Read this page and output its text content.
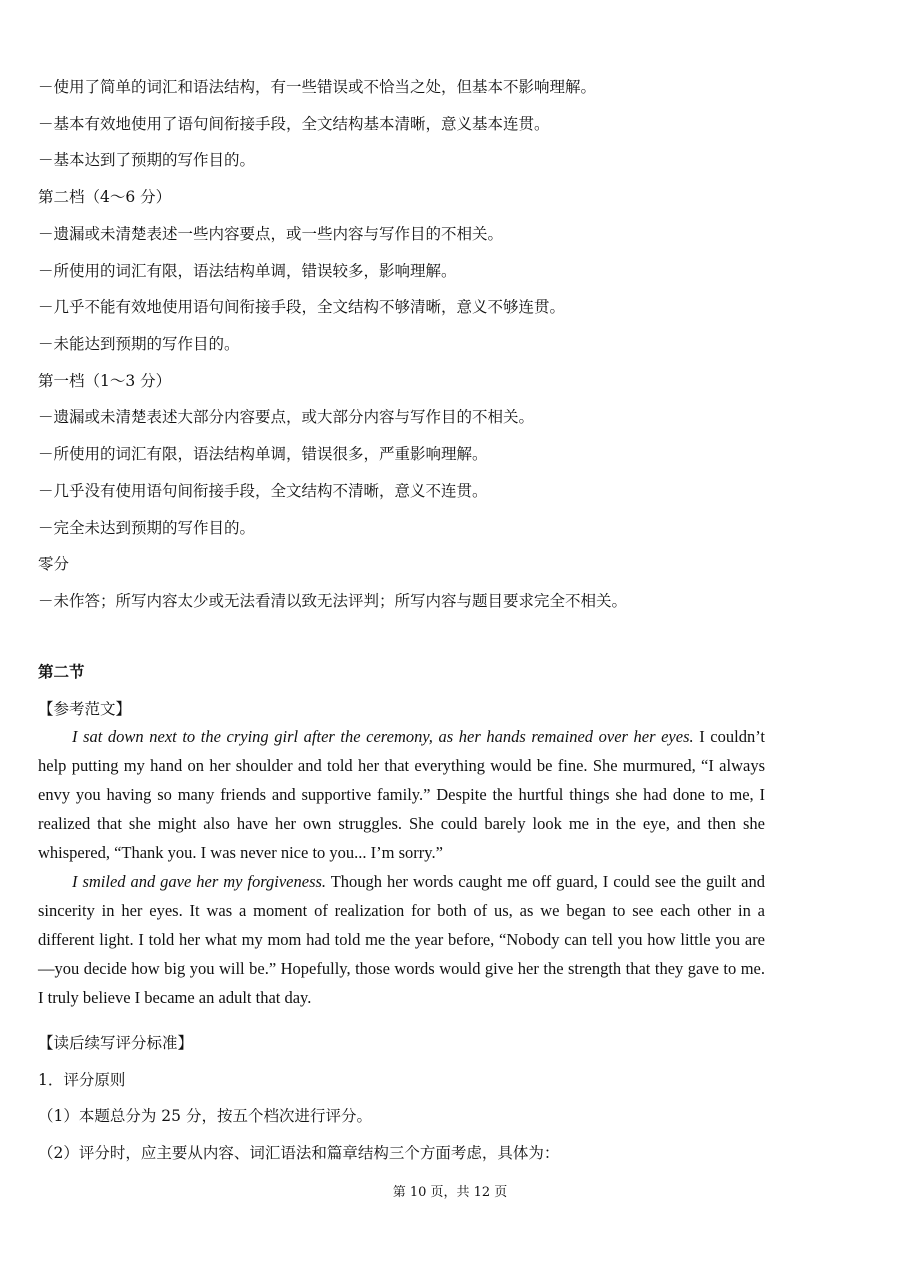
－使用了简单的词汇和语法结构，有一些错误或不恰当之处，但基本不影响理解。
－基本有效地使用了语句间衔接手段，全文结构基本清晰，意义基本连贯。
－基本达到了预期的写作目的。
第二档（4～6 分）
－遗漏或未清楚表述一些内容要点，或一些内容与写作目的不相关。
－所使用的词汇有限，语法结构单调，错误较多，影响理解。
－几乎不能有效地使用语句间衔接手段，全文结构不够清晰，意义不够连贯。
－未能达到预期的写作目的。
第一档（1～3 分）
－遗漏或未清楚表述大部分内容要点，或大部分内容与写作目的不相关。
－所使用的词汇有限，语法结构单调，错误很多，严重影响理解。
－几乎没有使用语句间衔接手段，全文结构不清晰，意义不连贯。
－完全未达到预期的写作目的。
零分
－未作答；所写内容太少或无法看清以致无法评判；所写内容与题目要求完全不相关。
第二节
【参考范文】

I sat down next to the crying girl after the ceremony, as her hands remained over her eyes. I couldn’t help putting my hand on her shoulder and told her that everything would be fine. She murmured, “I always envy you having so many friends and supportive family.” Despite the hurtful things she had done to me, I realized that she might also have her own struggles. She could barely look me in the eye, and then she whispered, “Thank you. I was never nice to you... I’m sorry.”

I smiled and gave her my forgiveness. Though her words caught me off guard, I could see the guilt and sincerity in her eyes. It was a moment of realization for both of us, as we began to see each other in a different light. I told her what my mom had told me the year before, “Nobody can tell you how little you are—you decide how big you will be.” Hopefully, those words would give her the strength that they gave to me. I truly believe I became an adult that day.

【读后续写评分标准】
1．评分原则
（1）本题总分为 25 分，按五个档次进行评分。
（2）评分时，应主要从内容、词汇语法和篇章结构三个方面考虑，具体为：
第 10 页，共 12 页
